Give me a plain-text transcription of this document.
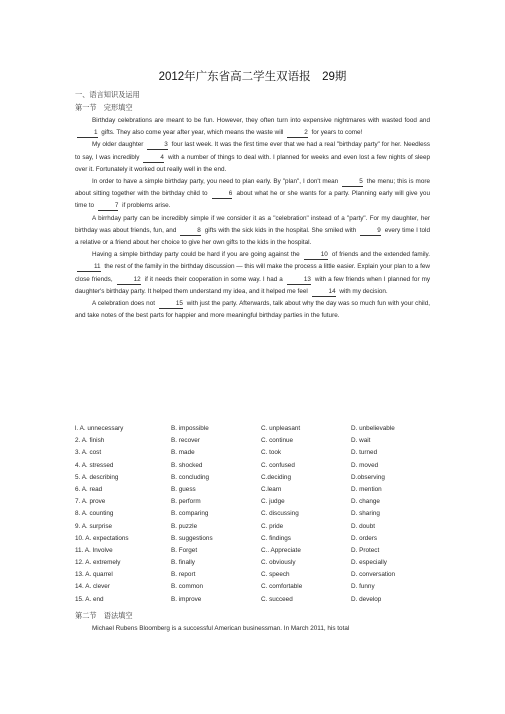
2012年广东省高二学生双语报　29期
一、语言知识及运用
第一节　完形填空

Birthday celebrations are meant to be fun. However, they often turn into expensive nightmares with wasted food and 1 gifts. They also come year after year, which means the waste will	2 for years to come!

My older daughter	3 four last week. It was the first time ever that we had a real "birthday party" for her. Needless to say, I was incredibly	4 with a number of things to deal with. I planned for weeks and even lost a few nights of sleep over it. Fortunately it worked out really well in the end.

In order to have a simple birthday party, you need to plan early. By "plan", I don't mean	5 the menu; this is more about sitting together with the birthday child to	6 about what he or she wants for a party. Planning early will give you time to	7 if problems arise.

A birrhday party can be incredibly simple if we consider it as a "celebration" instead of a "party". For my daughter, her birthday was about friends, fun, and	8 gifts with the sick kids in the hospital. She smiled with	9 every time I told a relative or a friend about her choice to give her own gifts to the kids in the hospital.

Having a simple birthday party could be hard if you are going against the	10 of friends and the extended family. 11 the rest of the family in the birthday discussion — this will make the process a little easier. Explain your plan to a few close friends,	12 if it needs their cooperation in some way. I had a	13 with a few friends when I planned for my daughter's birthday party. It helped them understand my idea, and it helped me feel	14 with my decision.

A celebration does not	15 with just the party. Afterwards, talk about why the day was so much fun with your child, and take notes of the best parts for happier and more meaningful birthday parties in the future.

l. A. unnecessary	B. impossible	C. unpleasant	D. unbelievable
2. A. finish	B. recover	C. continue	D. wait
3. A. cost	B. made	C. took	D. turned
4. A. stressed	B. shocked	C. confused	D. moved
5. A. describing	B. concluding	C.deciding	D.observing
6. A. read	B. guess	C.learn	D. mention
7. A. prove	B. perform	C. judge	D. change
8. A. counting	B. comparing	C. discussing	D. sharing
9. A. surprise	B. puzzle	C. pride	D. doubt
10. A. expectations	B. suggestions	C. findings	D. orders
11. A. Involve	B. Forget	C.. Appreciate	D. Protect
12. A. extremely	B. finally	C. obviously	D. especially
13. A. quarrel	B. report	C. speech	D. conversation
14. A. clever	B. common	C. comfortable	D. funny
15. A. end	B. improve	C. succeed	D. develop
第二节　语法填空

Michael Rubens Bloomberg is a successful American businessman. In March 2011, his total
